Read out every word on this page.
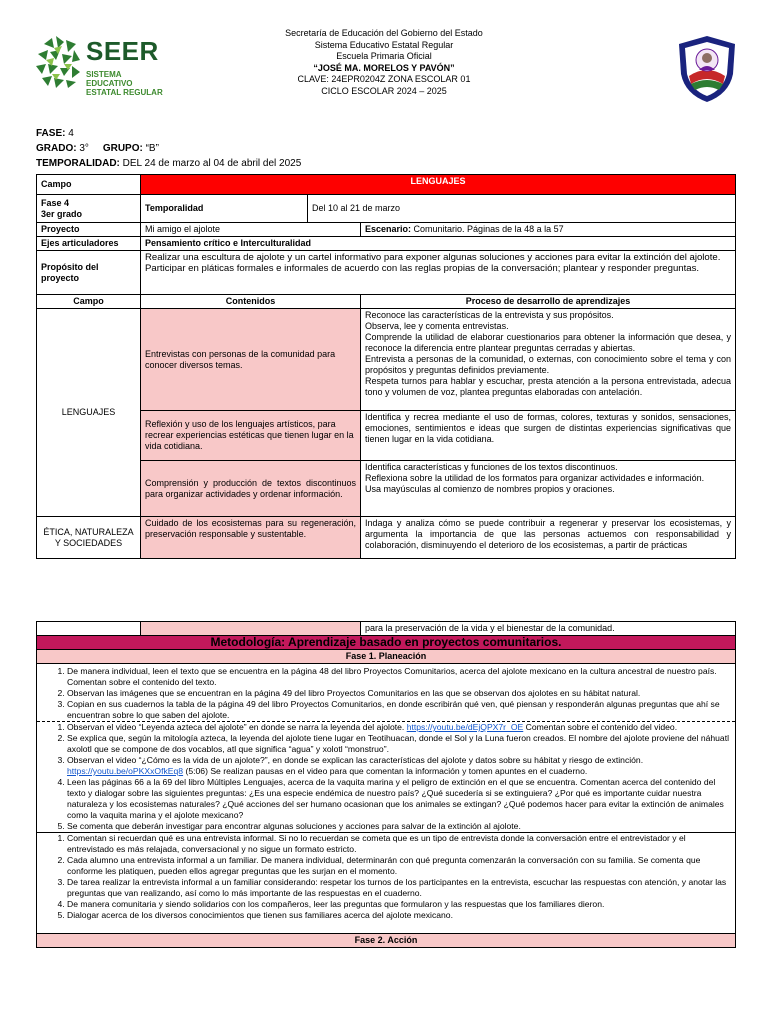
SEER
SISTEMA EDUCATIVO
ESTATAL REGULAR
Secretaría de Educación del Gobierno del Estado
Sistema Educativo Estatal Regular
Escuela Primaria Oficial
“JOSÉ MA. MORELOS Y PAVÓN”
CLAVE: 24EPR0204Z ZONA ESCOLAR 01
CICLO ESCOLAR 2024 – 2025
FASE: 4
GRADO: 3° GRUPO: “B”
TEMPORALIDAD: DEL 24 de marzo al 04 de abril del 2025
Campo	LENGUAJES		

Fase 4
3er grado	Temporalidad	Del 10 al 21 de marzo	
Proyecto	Mi amigo el ajolote		Escenario: Comunitario. Páginas de la 48 a la 57
Ejes articuladores	Pensamiento crítico e Interculturalidad		
Propósito del proyecto	Realizar una escultura de ajolote y un cartel informativo para exponer algunas soluciones y acciones para evitar la extinción del ajolote. Participar en pláticas formales e informales de acuerdo con las reglas propias de la conversación; plantear y responder preguntas.		
Campo	Contenidos		Proceso de desarrollo de aprendizajes
LENGUAJES	Entrevistas con personas de la comunidad para conocer diversos temas.		Reconoce las características de la entrevista y sus propósitos.
Observa, lee y comenta entrevistas.
Comprende la utilidad de elaborar cuestionarios para obtener la información que desea, y reconoce la diferencia entre plantear preguntas cerradas y abiertas.
Entrevista a personas de la comunidad, o externas, con conocimiento sobre el tema y con propósitos y preguntas definidos previamente.
Respeta turnos para hablar y escuchar, presta atención a la persona entrevistada, adecua tono y volumen de voz, plantea preguntas elaboradas con antelación.
	Reflexión y uso de los lenguajes artísticos, para recrear experiencias estéticas que tienen lugar en la vida cotidiana.		Identifica y recrea mediante el uso de formas, colores, texturas y sonidos, sensaciones, emociones, sentimientos e ideas que surgen de distintas experiencias significativas que tienen lugar en la vida cotidiana.
	Comprensión y producción de textos discontinuos para organizar actividades y ordenar información.		Identifica características y funciones de los textos discontinuos.
Reflexiona sobre la utilidad de los formatos para organizar actividades e información.
Usa mayúsculas al comienzo de nombres propios y oraciones.
ÉTICA, NATURALEZA Y SOCIEDADES	Cuidado de los ecosistemas para su regeneración, preservación responsable y sustentable.		Indaga y analiza cómo se puede contribuir a regenerar y preservar los ecosistemas, y argumenta la importancia de que las personas actuemos con responsabilidad y colaboración, disminuyendo el deterioro de los ecosistemas, a partir de prácticas
		para la preservación de la vida y el bienestar de la comunidad.
Metodología: Aprendizaje basado en proyectos comunitarios.
Fase 1. Planeación

1. De manera individual, leen el texto que se encuentra en la página 48 del libro Proyectos Comunitarios, acerca del ajolote mexicano en la cultura ancestral de nuestro país. Comentan sobre el contenido del texto.
2. Observan las imágenes que se encuentran en la página 49 del libro Proyectos Comunitarios en las que se observan dos ajolotes en su hábitat natural.
3. Copian en sus cuadernos la tabla de la página 49 del libro Proyectos Comunitarios, en donde escribirán qué ven, qué piensan y responderán algunas preguntas que ahí se encuentran sobre lo que saben del ajolote.
1. Observan el video “Leyenda azteca del ajolote” en donde se narra la leyenda del ajolote. https://youtu.be/dEjQPX7r_OE Comentan sobre el contenido del video.
2. Se explica que, según la mitología azteca, la leyenda del ajolote tiene lugar en Teotihuacan, donde el Sol y la Luna fueron creados. El nombre del ajolote proviene del náhuatl axolotl que se compone de dos vocablos, atl que significa “agua” y xolotl “monstruo”.
3. Observan el video “¿Cómo es la vida de un ajolote?”, en donde se explican las características del ajolote y datos sobre su hábitat y riesgo de extinción. https://youtu.be/oPKXxOfkEq8 (5:06) Se realizan pausas en el video para que comentan la información y tomen apuntes en el cuaderno.
4. Leen las páginas 66 a la 69 del libro Múltiples Lenguajes, acerca de la vaquita marina y el peligro de extinción en el que se encuentra. Comentan acerca del contenido del texto y dialogar sobre las siguientes preguntas: ¿Es una especie endémica de nuestro país? ¿Qué sucedería si se extinguiera? ¿Por qué es importante cuidar nuestra naturaleza y los ecosistemas naturales? ¿Qué acciones del ser humano ocasionan que los animales se extingan? ¿Qué podemos hacer para evitar la extinción de animales como la vaquita marina y el ajolote mexicano?
5. Se comenta que deberán investigar para encontrar algunas soluciones y acciones para salvar de la extinción al ajolote.
1. Comentan si recuerdan qué es una entrevista informal. Si no lo recuerdan se cometa que es un tipo de entrevista donde la conversación entre el entrevistador y el entrevistado es más relajada, conversacional y no sigue un formato estricto.
2. Cada alumno una entrevista informal a un familiar. De manera individual, determinarán con qué pregunta comenzarán la conversación con su familia. Se comenta que conforme les platiquen, pueden ellos agregar preguntas que les surjan en el momento.
3. De tarea realizar la entrevista informal a un familiar considerando: respetar los turnos de los participantes en la entrevista, escuchar las respuestas con atención, y anotar las preguntas que van realizando, así como lo más importante de las respuestas en el cuaderno.
4. De manera comunitaria y siendo solidarios con los compañeros, leer las preguntas que formularon y las respuestas que los familiares dieron.
5. Dialogar acerca de los diversos conocimientos que tienen sus familiares acerca del ajolote mexicano.

Fase 2. Acción
